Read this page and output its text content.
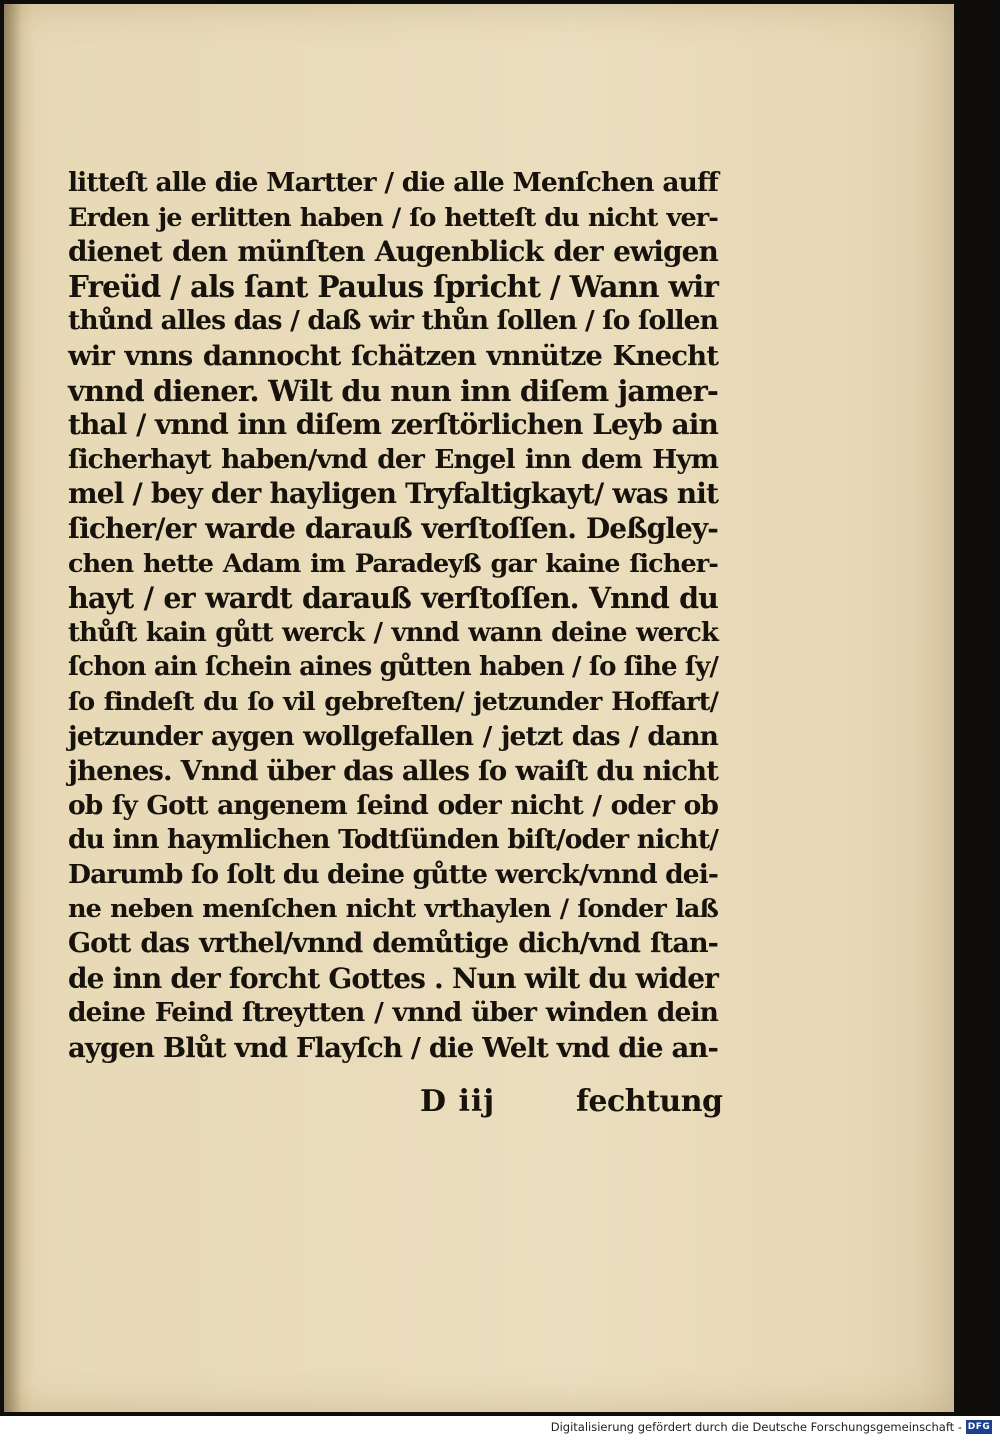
litteſt alle die Martter / die alle Menſchen auff
Erden je erlitten haben / ſo hetteſt du nicht ver-
dienet den münſten Augenblick der ewigen
Freüd / als ſant Paulus ſpricht / Wann wir
thůnd alles das / daß wir thůn ſollen / ſo ſollen
wir vnns dannocht ſchätzen vnnütze Knecht
vnnd diener. Wilt du nun inn diſem jamer-
thal / vnnd inn diſem zerſtörlichen Leyb ain
ſicherhayt haben/vnd der Engel inn dem Hym
mel / bey der hayligen Tryfaltigkayt/ was nit
ſicher/er warde darauß verſtoſſen. Deßgley-
chen hette Adam im Paradeyß gar kaine ſicher-
hayt / er wardt darauß verſtoſſen. Vnnd du
thůſt kain gůtt werck / vnnd wann deine werck
ſchon ain ſchein aines gůtten haben / ſo ſihe ſy/
ſo findeſt du ſo vil gebreſten/ jetzunder Hoffart/
jetzunder aygen wollgefallen / jetzt das / dann
jhenes. Vnnd über das alles ſo waiſt du nicht
ob ſy Gott angenem ſeind oder nicht / oder ob
du inn haymlichen Todtſünden biſt/oder nicht/
Darumb ſo ſolt du deine gůtte werck/vnnd dei-
ne neben menſchen nicht vrthaylen / ſonder laß
Gott das vrthel/vnnd demůtige dich/vnd ſtan-
de inn der forcht Gottes . Nun wilt du wider
deine Feind ſtreytten / vnnd über winden dein
aygen Blůt vnd Flayſch / die Welt vnd die an-
D iij	fechtung
Digitalisierung gefördert durch die Deutsche Forschungsgemeinschaft - DFG
